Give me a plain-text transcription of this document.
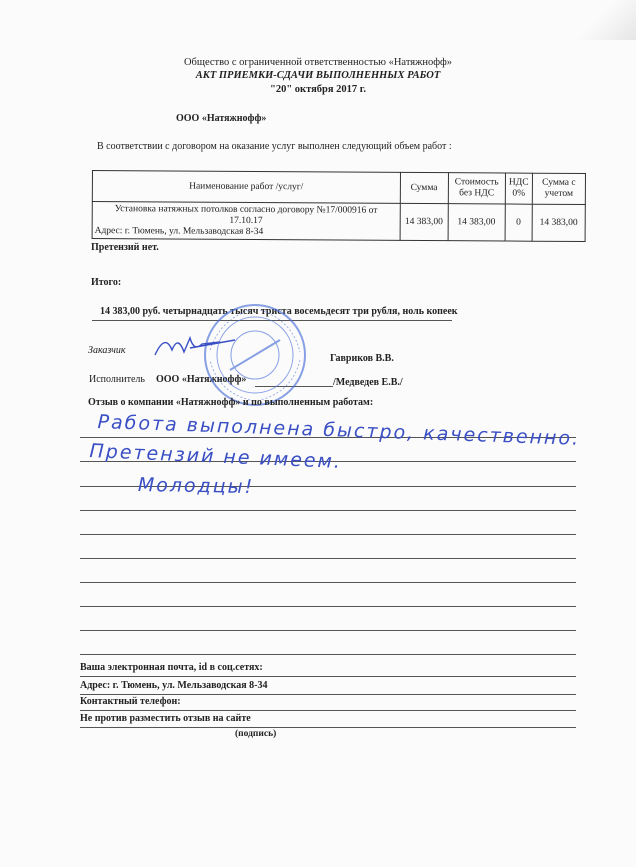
Общество с ограниченной ответственностью «Натяжнофф»
АКТ ПРИЕМКИ-СДАЧИ ВЫПОЛНЕННЫХ РАБОТ
"20" октября 2017 г.
ООО «Натяжнофф»
В соответствии с договором на оказание услуг выполнен следующий объем работ :
Наименование работ /услуг/	Сумма	Стоимость без НДС	НДС 0%	Сумма с учетом

Установка натяжных потолков согласно договору №17/000916 от
17.10.17
Адрес: г. Тюмень, ул. Мельзаводская 8-34	14 383,00	14 383,00	0	14 383,00
Претензий нет.
Итого:
14 383,00 руб. четырнадцать тысяч триста восемьдесят три рубля, ноль копеек
Заказчик
Гавриков В.В.
Исполнитель ООО «Натяжнофф»	/Медведев Е.В./
Отзыв о компании «Натяжнофф» и по выполненным работам:
Работа выполнена быстро, качественно.
Претензий не имеем.
Молодцы!
Ваша электронная почта, id в соц.сетях:
Адрес: г. Тюмень, ул. Мельзаводская 8-34
Контактный телефон:
Не против разместить отзыв на сайте
(подпись)
